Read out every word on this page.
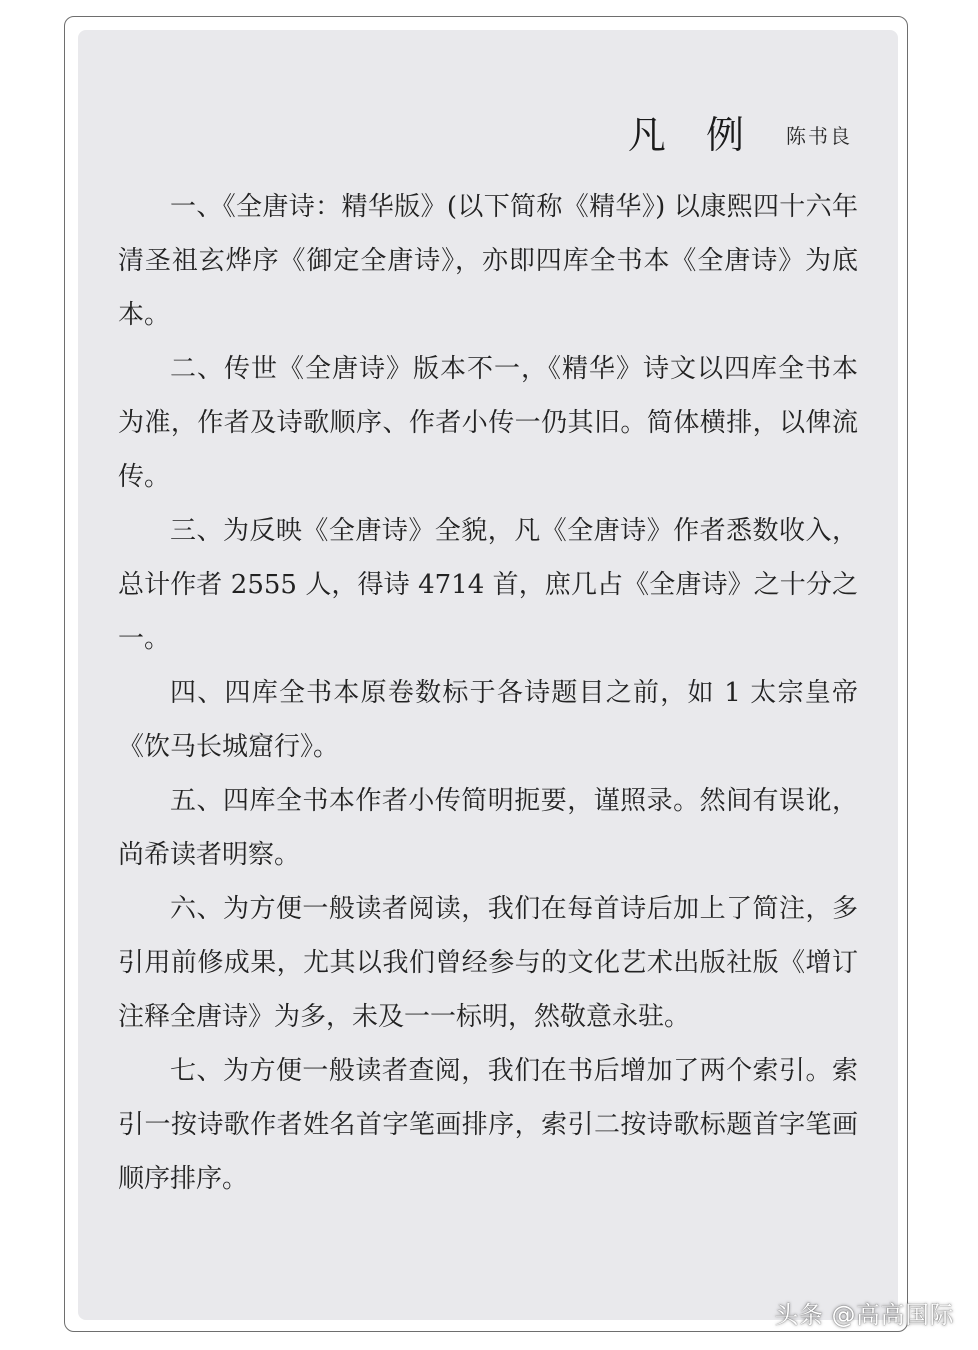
凡 例 陈书良

一、《全唐诗：精华版》(以下简称《精华》) 以康熙四十六年清圣祖玄烨序《御定全唐诗》，亦即四库全书本《全唐诗》为底本。

二、传世《全唐诗》版本不一，《精华》诗文以四库全书本为准，作者及诗歌顺序、作者小传一仍其旧。简体横排，以俾流传。

三、为反映《全唐诗》全貌，凡《全唐诗》作者悉数收入，总计作者 2555 人，得诗 4714 首，庶几占《全唐诗》之十分之一。

四、四库全书本原卷数标于各诗题目之前，如 1 太宗皇帝《饮马长城窟行》。

五、四库全书本作者小传简明扼要，谨照录。然间有误讹，尚希读者明察。

六、为方便一般读者阅读，我们在每首诗后加上了简注，多引用前修成果，尤其以我们曾经参与的文化艺术出版社版《增订注释全唐诗》为多，未及一一标明，然敬意永驻。

七、为方便一般读者查阅，我们在书后增加了两个索引。索引一按诗歌作者姓名首字笔画排序，索引二按诗歌标题首字笔画顺序排序。

头条 @高高国际
